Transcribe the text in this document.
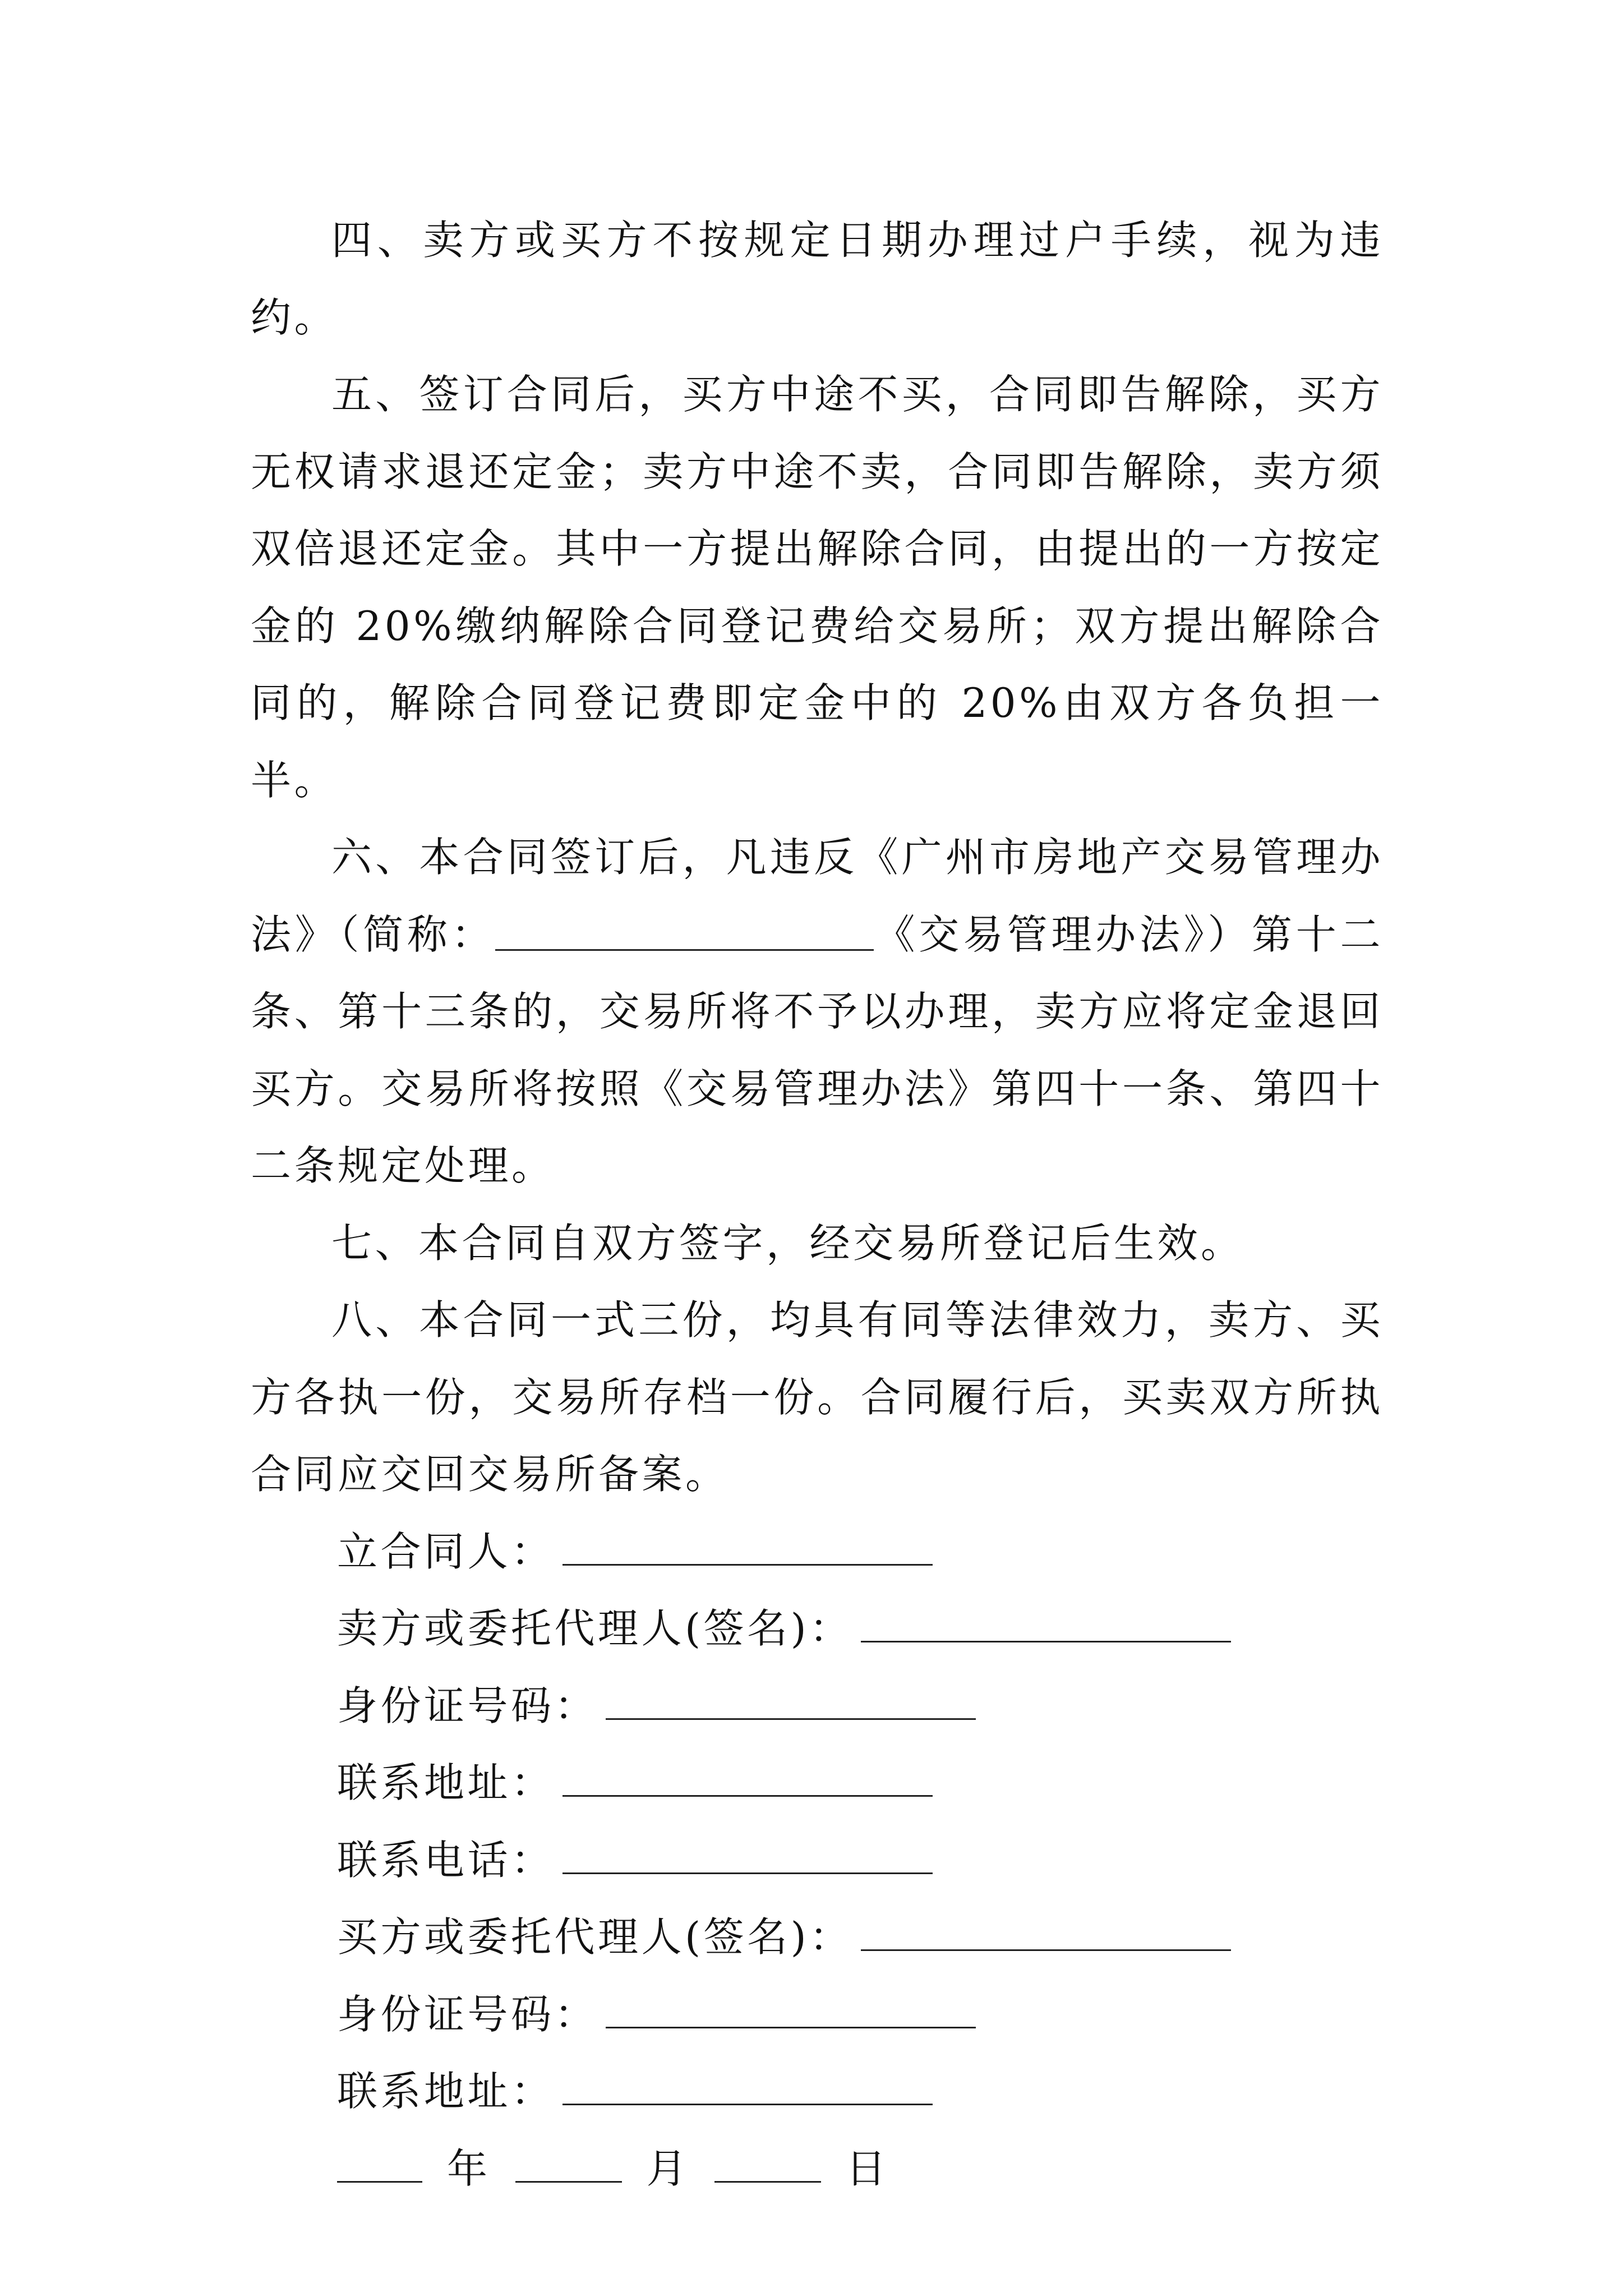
四、卖方或买方不按规定日期办理过户手续，视为违约。

五、签订合同后，买方中途不买，合同即告解除，买方无权请求退还定金；卖方中途不卖，合同即告解除，卖方须双倍退还定金。其中一方提出解除合同，由提出的一方按定金的 20%缴纳解除合同登记费给交易所；双方提出解除合同的，解除合同登记费即定金中的 20%由双方各负担一半。

六、本合同签订后，凡违反《广州市房地产交易管理办法》（简称：	《交易管理办法》）第十二条、第十三条的，交易所将不予以办理，卖方应将定金退回买方。交易所将按照《交易管理办法》第四十一条、第四十二条规定处理。

七、本合同自双方签字，经交易所登记后生效。

八、本合同一式三份，均具有同等法律效力，卖方、买方各执一份，交易所存档一份。合同履行后，买卖双方所执合同应交回交易所备案。

立合同人：
卖方或委托代理人(签名)：
身份证号码：
联系地址：
联系电话：
买方或委托代理人(签名)：
身份证号码：
联系地址：
年	月	日
